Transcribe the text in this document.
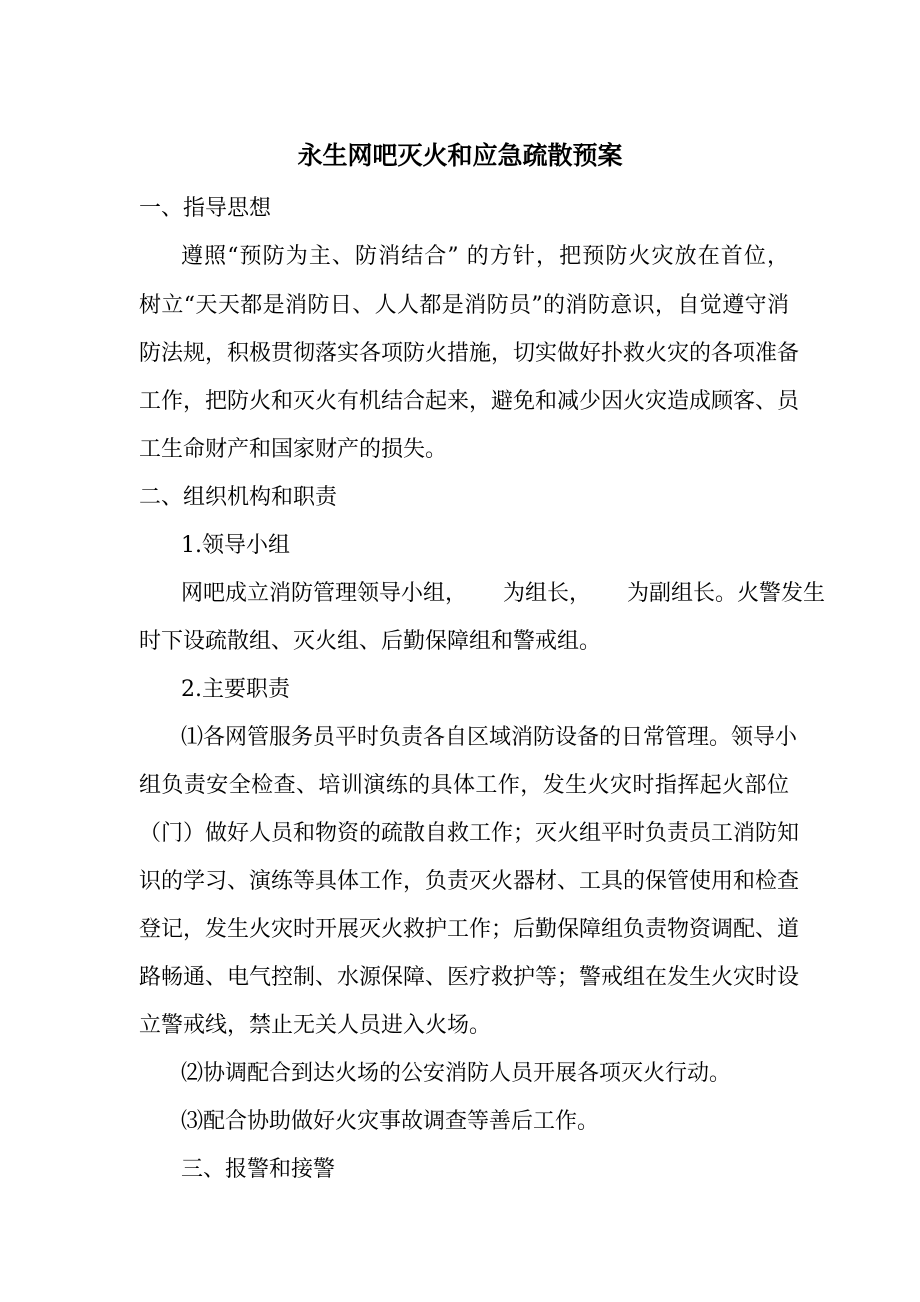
永生网吧灭火和应急疏散预案

一、指导思想

遵照“预防为主、防消结合” 的方针，把预防火灾放在首位，

树立“天天都是消防日、人人都是消防员”的消防意识，自觉遵守消

防法规，积极贯彻落实各项防火措施，切实做好扑救火灾的各项准备

工作，把防火和灭火有机结合起来，避免和减少因火灾造成顾客、员

工生命财产和国家财产的损失。

二、组织机构和职责

1.领导小组

网吧成立消防管理领导小组， 为组长， 为副组长。火警发生

时下设疏散组、灭火组、后勤保障组和警戒组。

2.主要职责

⑴各网管服务员平时负责各自区域消防设备的日常管理。领导小

组负责安全检查、培训演练的具体工作，发生火灾时指挥起火部位

（门）做好人员和物资的疏散自救工作；灭火组平时负责员工消防知

识的学习、演练等具体工作，负责灭火器材、工具的保管使用和检查

登记，发生火灾时开展灭火救护工作；后勤保障组负责物资调配、道

路畅通、电气控制、水源保障、医疗救护等；警戒组在发生火灾时设

立警戒线，禁止无关人员进入火场。

⑵协调配合到达火场的公安消防人员开展各项灭火行动。

⑶配合协助做好火灾事故调查等善后工作。

三、报警和接警
